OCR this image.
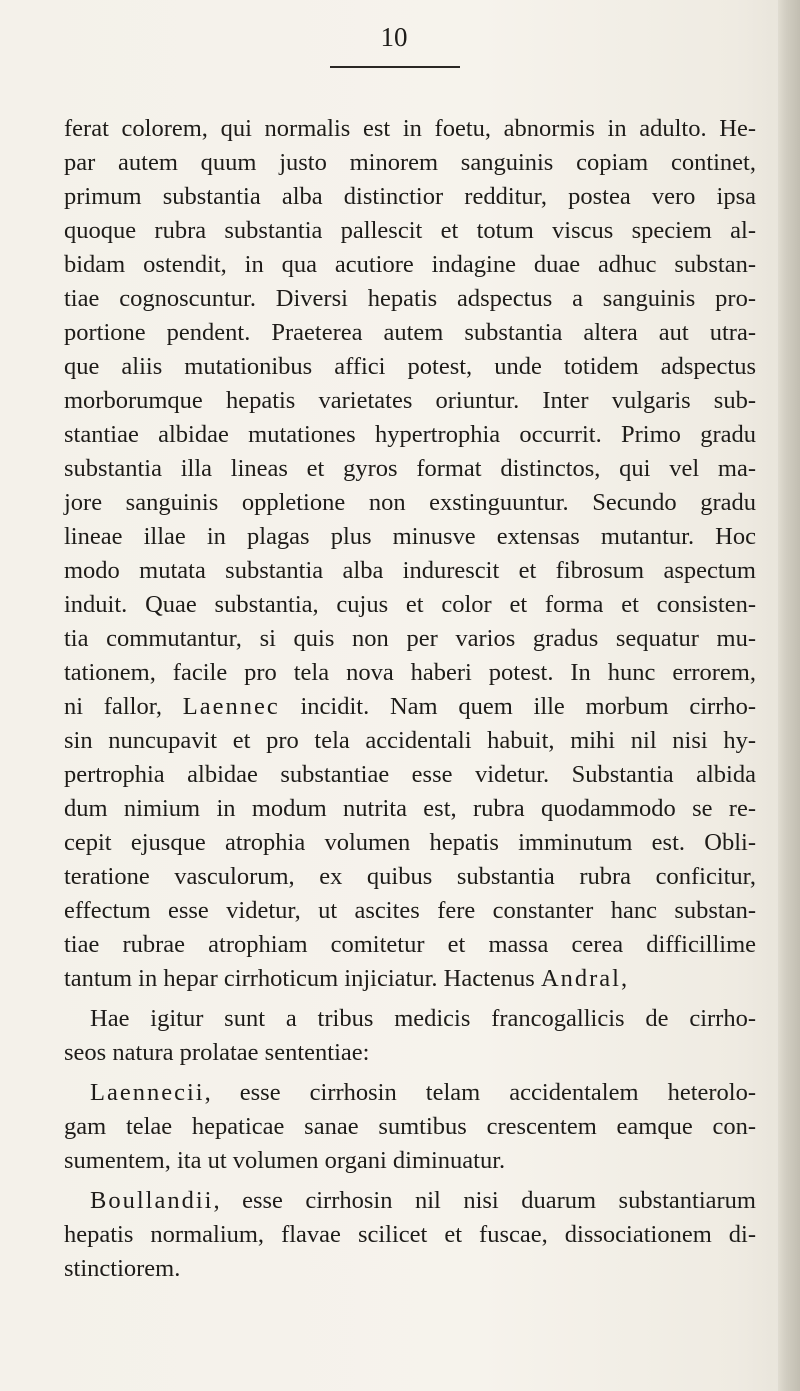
10
ferat colorem, qui normalis est in foetu, abnormis in adulto. He-
par autem quum justo minorem sanguinis copiam continet,
primum substantia alba distinctior redditur, postea vero ipsa
quoque rubra substantia pallescit et totum viscus speciem al-
bidam ostendit, in qua acutiore indagine duae adhuc substan-
tiae cognoscuntur. Diversi hepatis adspectus a sanguinis pro-
portione pendent. Praeterea autem substantia altera aut utra-
que aliis mutationibus affici potest, unde totidem adspectus
morborumque hepatis varietates oriuntur. Inter vulgaris sub-
stantiae albidae mutationes hypertrophia occurrit. Primo gradu
substantia illa lineas et gyros format distinctos, qui vel ma-
jore sanguinis oppletione non exstinguuntur. Secundo gradu
lineae illae in plagas plus minusve extensas mutantur. Hoc
modo mutata substantia alba indurescit et fibrosum aspectum
induit. Quae substantia, cujus et color et forma et consisten-
tia commutantur, si quis non per varios gradus sequatur mu-
tationem, facile pro tela nova haberi potest. In hunc errorem,
ni fallor, Laennec incidit. Nam quem ille morbum cirrho-
sin nuncupavit et pro tela accidentali habuit, mihi nil nisi hy-
pertrophia albidae substantiae esse videtur. Substantia albida
dum nimium in modum nutrita est, rubra quodammodo se re-
cepit ejusque atrophia volumen hepatis imminutum est. Obli-
teratione vasculorum, ex quibus substantia rubra conficitur,
effectum esse videtur, ut ascites fere constanter hanc substan-
tiae rubrae atrophiam comitetur et massa cerea difficillime
tantum in hepar cirrhoticum injiciatur. Hactenus Andral,
Hae igitur sunt a tribus medicis francogallicis de cirrho-
seos natura prolatae sententiae:
Laennecii, esse cirrhosin telam accidentalem heterolo-
gam telae hepaticae sanae sumtibus crescentem eamque con-
sumentem, ita ut volumen organi diminuatur.
Boullandii, esse cirrhosin nil nisi duarum substantiarum
hepatis normalium, flavae scilicet et fuscae, dissociationem di-
stinctiorem.
